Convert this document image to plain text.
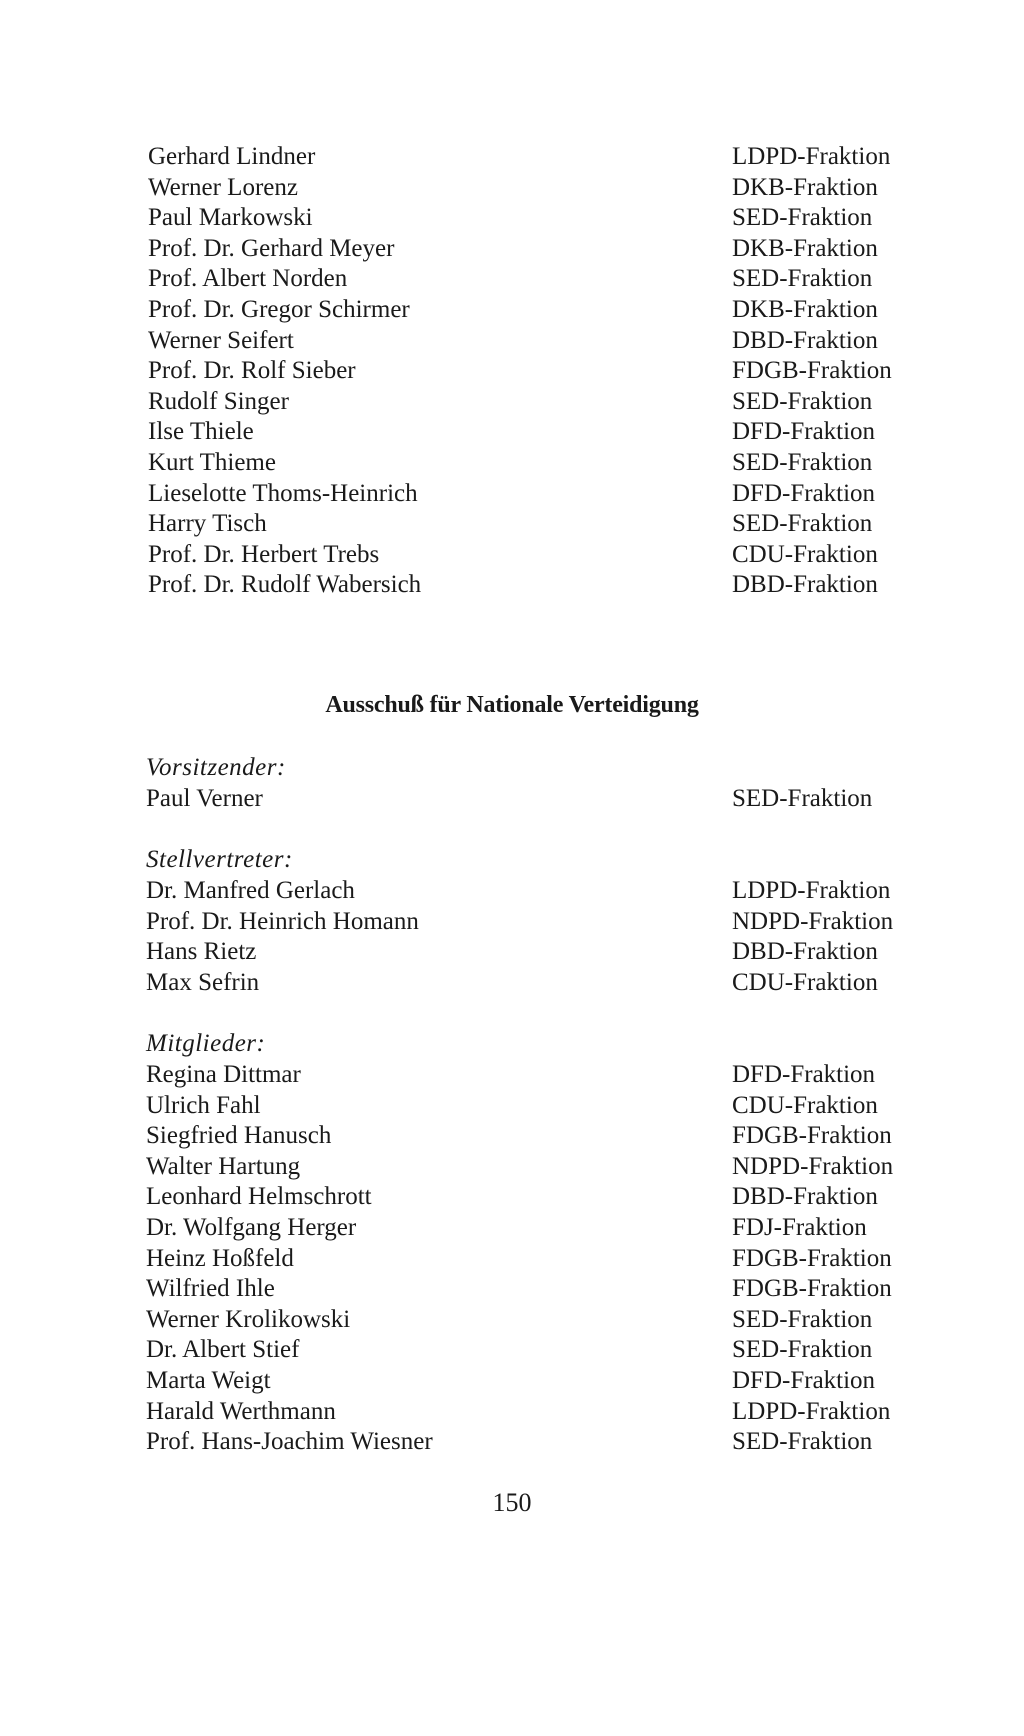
Gerhard Lindner	LDPD-Fraktion
Werner Lorenz	DKB-Fraktion
Paul Markowski	SED-Fraktion
Prof. Dr. Gerhard Meyer	DKB-Fraktion
Prof. Albert Norden	SED-Fraktion
Prof. Dr. Gregor Schirmer	DKB-Fraktion
Werner Seifert	DBD-Fraktion
Prof. Dr. Rolf Sieber	FDGB-Fraktion
Rudolf Singer	SED-Fraktion
Ilse Thiele	DFD-Fraktion
Kurt Thieme	SED-Fraktion
Lieselotte Thoms-Heinrich	DFD-Fraktion
Harry Tisch	SED-Fraktion
Prof. Dr. Herbert Trebs	CDU-Fraktion
Prof. Dr. Rudolf Wabersich	DBD-Fraktion
Ausschuß für Nationale Verteidigung
Vorsitzender:
Paul Verner	SED-Fraktion
Stellvertreter:
Dr. Manfred Gerlach	LDPD-Fraktion
Prof. Dr. Heinrich Homann	NDPD-Fraktion
Hans Rietz	DBD-Fraktion
Max Sefrin	CDU-Fraktion
Mitglieder:
Regina Dittmar	DFD-Fraktion
Ulrich Fahl	CDU-Fraktion
Siegfried Hanusch	FDGB-Fraktion
Walter Hartung	NDPD-Fraktion
Leonhard Helmschrott	DBD-Fraktion
Dr. Wolfgang Herger	FDJ-Fraktion
Heinz Hoßfeld	FDGB-Fraktion
Wilfried Ihle	FDGB-Fraktion
Werner Krolikowski	SED-Fraktion
Dr. Albert Stief	SED-Fraktion
Marta Weigt	DFD-Fraktion
Harald Werthmann	LDPD-Fraktion
Prof. Hans-Joachim Wiesner	SED-Fraktion
150
